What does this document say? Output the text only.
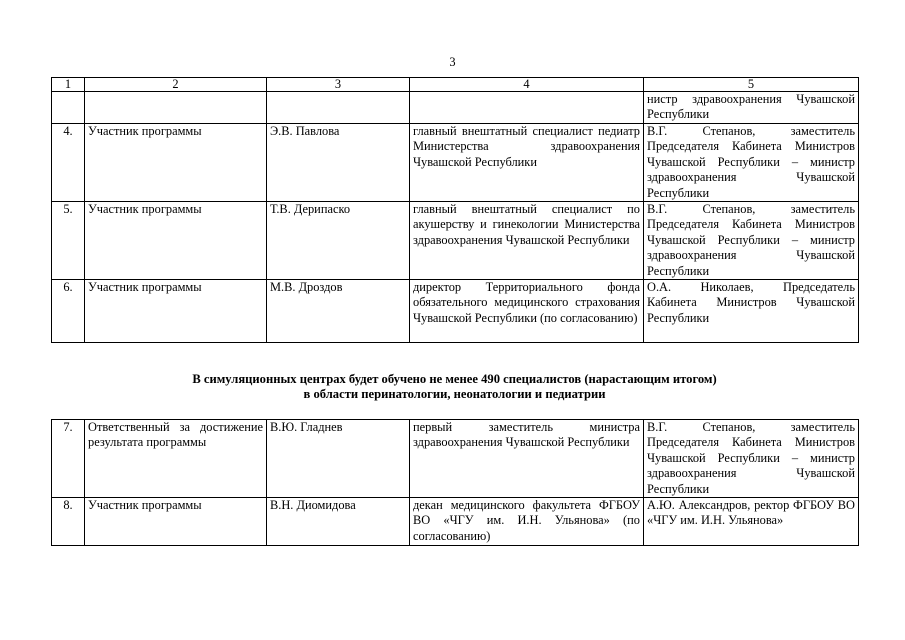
3
1	2	3	4	5
				нистр здравоохранения Чувашской Республики
4.	Участник программы	Э.В. Павлова	главный внештатный специалист педиатр Министерства здравоохранения Чувашской Республики	В.Г. Степанов, заместитель Председателя Кабинета Министров Чувашской Республики – министр здравоохранения Чувашской Республики
5.	Участник программы	Т.В. Дерипаско	главный внештатный специалист по акушерству и гинекологии Министерства здравоохранения Чувашской Республики	В.Г. Степанов, заместитель Председателя Кабинета Министров Чувашской Республики – министр здравоохранения Чувашской Республики
6.	Участник программы	М.В. Дроздов	директор Территориального фонда обязательного медицинского страхования Чувашской Республики (по согласованию)	О.А. Николаев, Председатель Кабинета Министров Чувашской Республики
В симуляционных центрах будет обучено не менее 490 специалистов (нарастающим итогом)
в области перинатологии, неонатологии и педиатрии
7.	Ответственный за достижение результата программы	В.Ю. Гладнев	первый заместитель министра здравоохранения Чувашской Республики	В.Г. Степанов, заместитель Председателя Кабинета Министров Чувашской Республики – министр здравоохранения Чувашской Республики
8.	Участник программы	В.Н. Диомидова	декан медицинского факультета ФГБОУ ВО «ЧГУ им. И.Н. Ульянова» (по согласованию)	А.Ю. Александров, ректор ФГБОУ ВО «ЧГУ им. И.Н. Ульянова»
